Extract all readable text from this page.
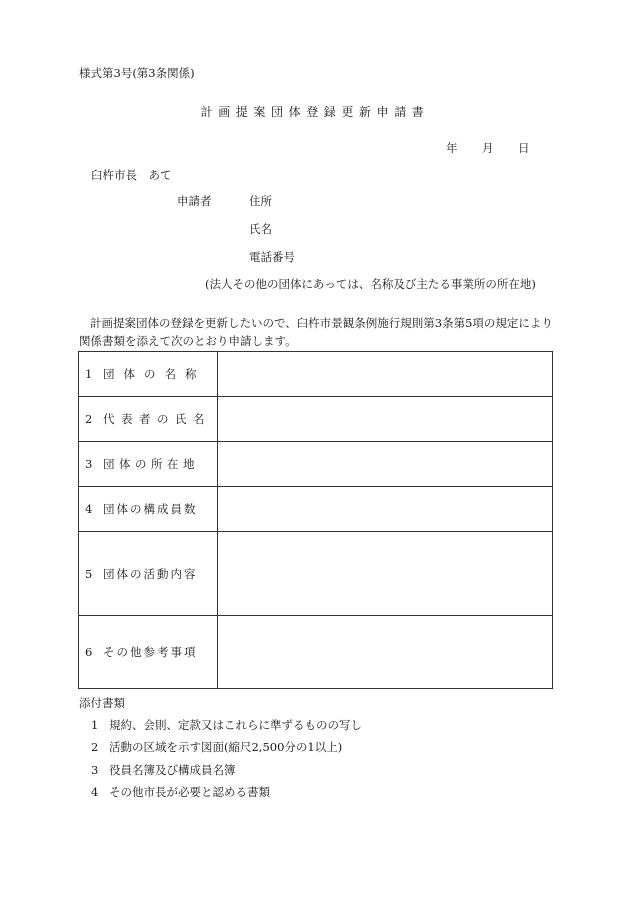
様式第3号(第3条関係)
計画提案団体登録更新申請書
年 月 日
臼杵市長　あて
申請者	住所
氏名
電話番号
(法人その他の団体にあっては、名称及び主たる事業所の所在地)
計画提案団体の登録を更新したいので、臼杵市景観条例施行規則第3条第5項の規定により関係書類を添えて次のとおり申請します。
1 団体の名称	
2 代表者の氏名	
3 団体の所在地	
4 団体の構成員数	
5 団体の活動内容	
6 その他参考事項	
添付書類
1 規約、会則、定款又はこれらに準ずるものの写し
2 活動の区域を示す図面(縮尺2,500分の1以上)
3 役員名簿及び構成員名簿
4 その他市長が必要と認める書類
